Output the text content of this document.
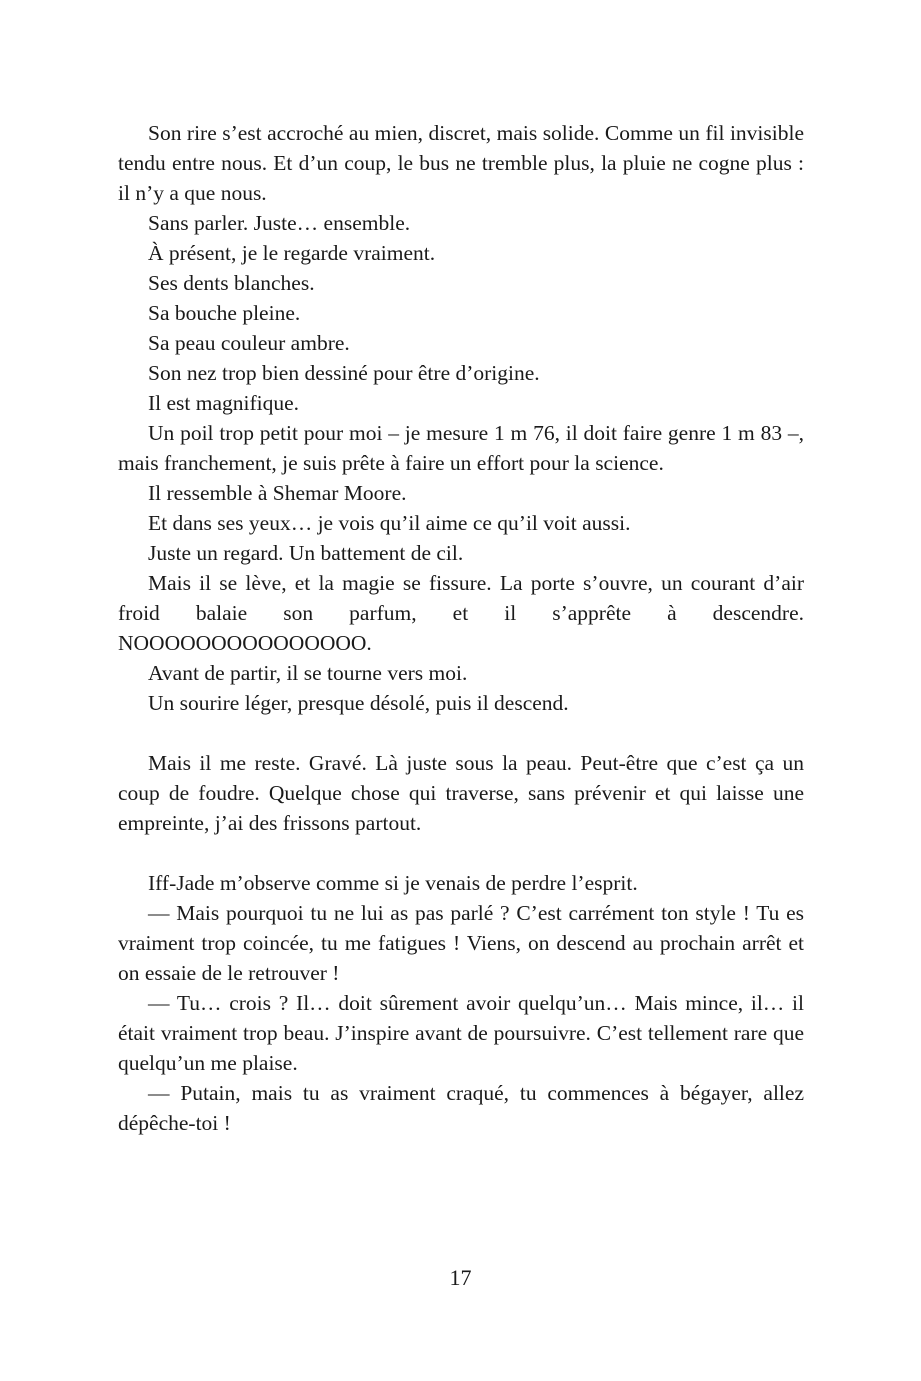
Son rire s’est accroché au mien, discret, mais solide. Comme un fil invisible tendu entre nous. Et d’un coup, le bus ne tremble plus, la pluie ne cogne plus : il n’y a que nous.

Sans parler. Juste… ensemble.

À présent, je le regarde vraiment.

Ses dents blanches.

Sa bouche pleine.

Sa peau couleur ambre.

Son nez trop bien dessiné pour être d’origine.

Il est magnifique.

Un poil trop petit pour moi – je mesure 1 m 76, il doit faire genre 1 m 83 –, mais franchement, je suis prête à faire un effort pour la science.

Il ressemble à Shemar Moore.

Et dans ses yeux… je vois qu’il aime ce qu’il voit aussi.

Juste un regard. Un battement de cil.

Mais il se lève, et la magie se fissure. La porte s’ouvre, un courant d’air froid balaie son parfum, et il s’apprête à descendre. NOOOOOOOOOOOOOOO.

Avant de partir, il se tourne vers moi.

Un sourire léger, presque désolé, puis il descend.

Mais il me reste. Gravé. Là juste sous la peau. Peut-être que c’est ça un coup de foudre. Quelque chose qui traverse, sans prévenir et qui laisse une empreinte, j’ai des frissons partout.

Iff-Jade m’observe comme si je venais de perdre l’esprit.

— Mais pourquoi tu ne lui as pas parlé ? C’est carrément ton style ! Tu es vraiment trop coincée, tu me fatigues ! Viens, on descend au prochain arrêt et on essaie de le retrouver !

— Tu… crois ? Il… doit sûrement avoir quelqu’un… Mais mince, il… il était vraiment trop beau. J’inspire avant de poursuivre. C’est tellement rare que quelqu’un me plaise.

— Putain, mais tu as vraiment craqué, tu commences à bégayer, allez dépêche-toi !

17
